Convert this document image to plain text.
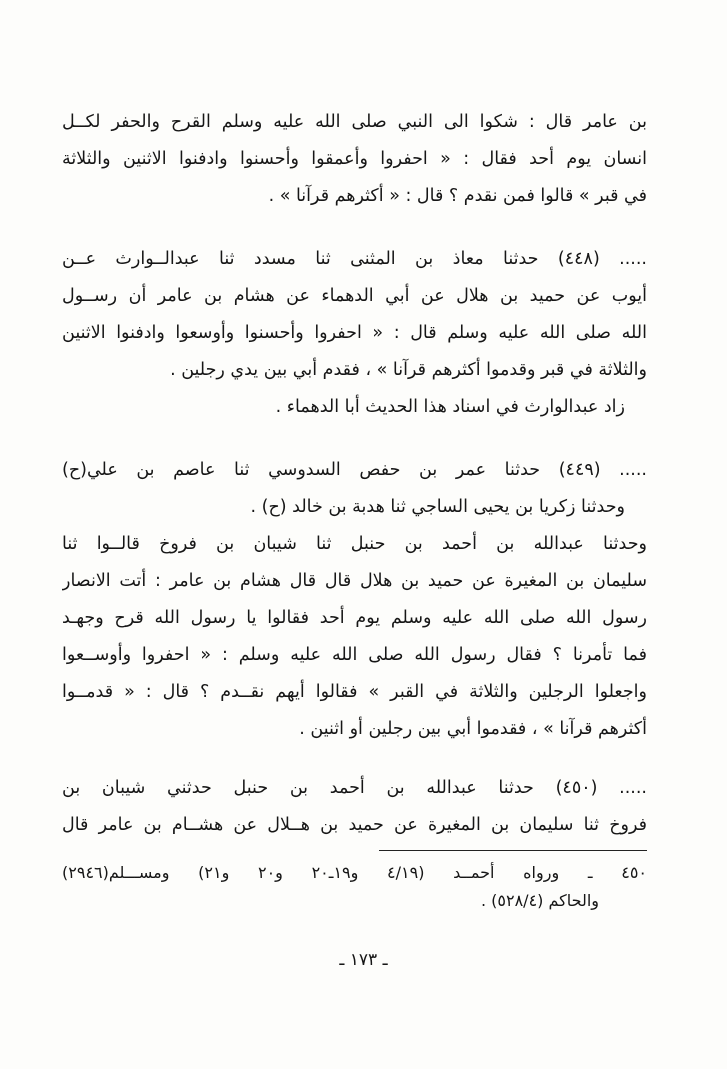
بن عامر قال : شكوا الى النبي صلى الله عليه وسلم القرح والحفر لكــل
انسان يوم أحد فقال : « احفروا وأعمقوا وأحسنوا وادفنوا الاثنين والثلاثة
في قبر » قالوا فمن نقدم ؟ قال : « أكثرهم قرآنا » .
..... (٤٤٨) حدثنا معاذ بن المثنى ثنا مسدد ثنا عبدالــوارث عــن
أيوب عن حميد بن هلال عن أبي الدهماء عن هشام بن عامر أن رســول
الله صلى الله عليه وسلم قال : « احفروا وأحسنوا وأوسعوا وادفنوا الاثنين
والثلاثة في قبر وقدموا أكثرهم قرآنا » ، فقدم أبي بين يدي رجلين .
زاد عبدالوارث في اسناد هذا الحديث أبا الدهماء .
..... (٤٤٩) حدثنا عمر بن حفص السدوسي ثنا عاصم بن علي(ح)
وحدثنا زكريا بن يحيى الساجي ثنا هدبة بن خالد (ح) .
وحدثنا عبدالله بن أحمد بن حنبل ثنا شيبان بن فروخ قالــوا ثنا
سليمان بن المغيرة عن حميد بن هلال قال قال هشام بن عامر : أتت الانصار
رسول الله صلى الله عليه وسلم يوم أحد فقالوا يا رسول الله قرح وجهـد
فما تأمرنا ؟ فقال رسول الله صلى الله عليه وسلم : « احفروا وأوســعوا
واجعلوا الرجلين والثلاثة في القبر » فقالوا أيهم نقــدم ؟ قال : « قدمــوا
أكثرهم قرآنا » ، فقدموا أبي بين رجلين أو اثنين .
..... (٤٥٠) حدثنا عبدالله بن أحمد بن حنبل حدثني شيبان بن
فروخ ثنا سليمان بن المغيرة عن حميد بن هــلال عن هشــام بن عامر قال
٤٥٠ ـ ورواه أحمــد (٤/١٩ و١٩ـ٢٠ و٢٠ و٢١) ومســـلم(٢٩٤٦)
والحاكم (٥٢٨/٤) .
ـ ١٧٣ ـ
